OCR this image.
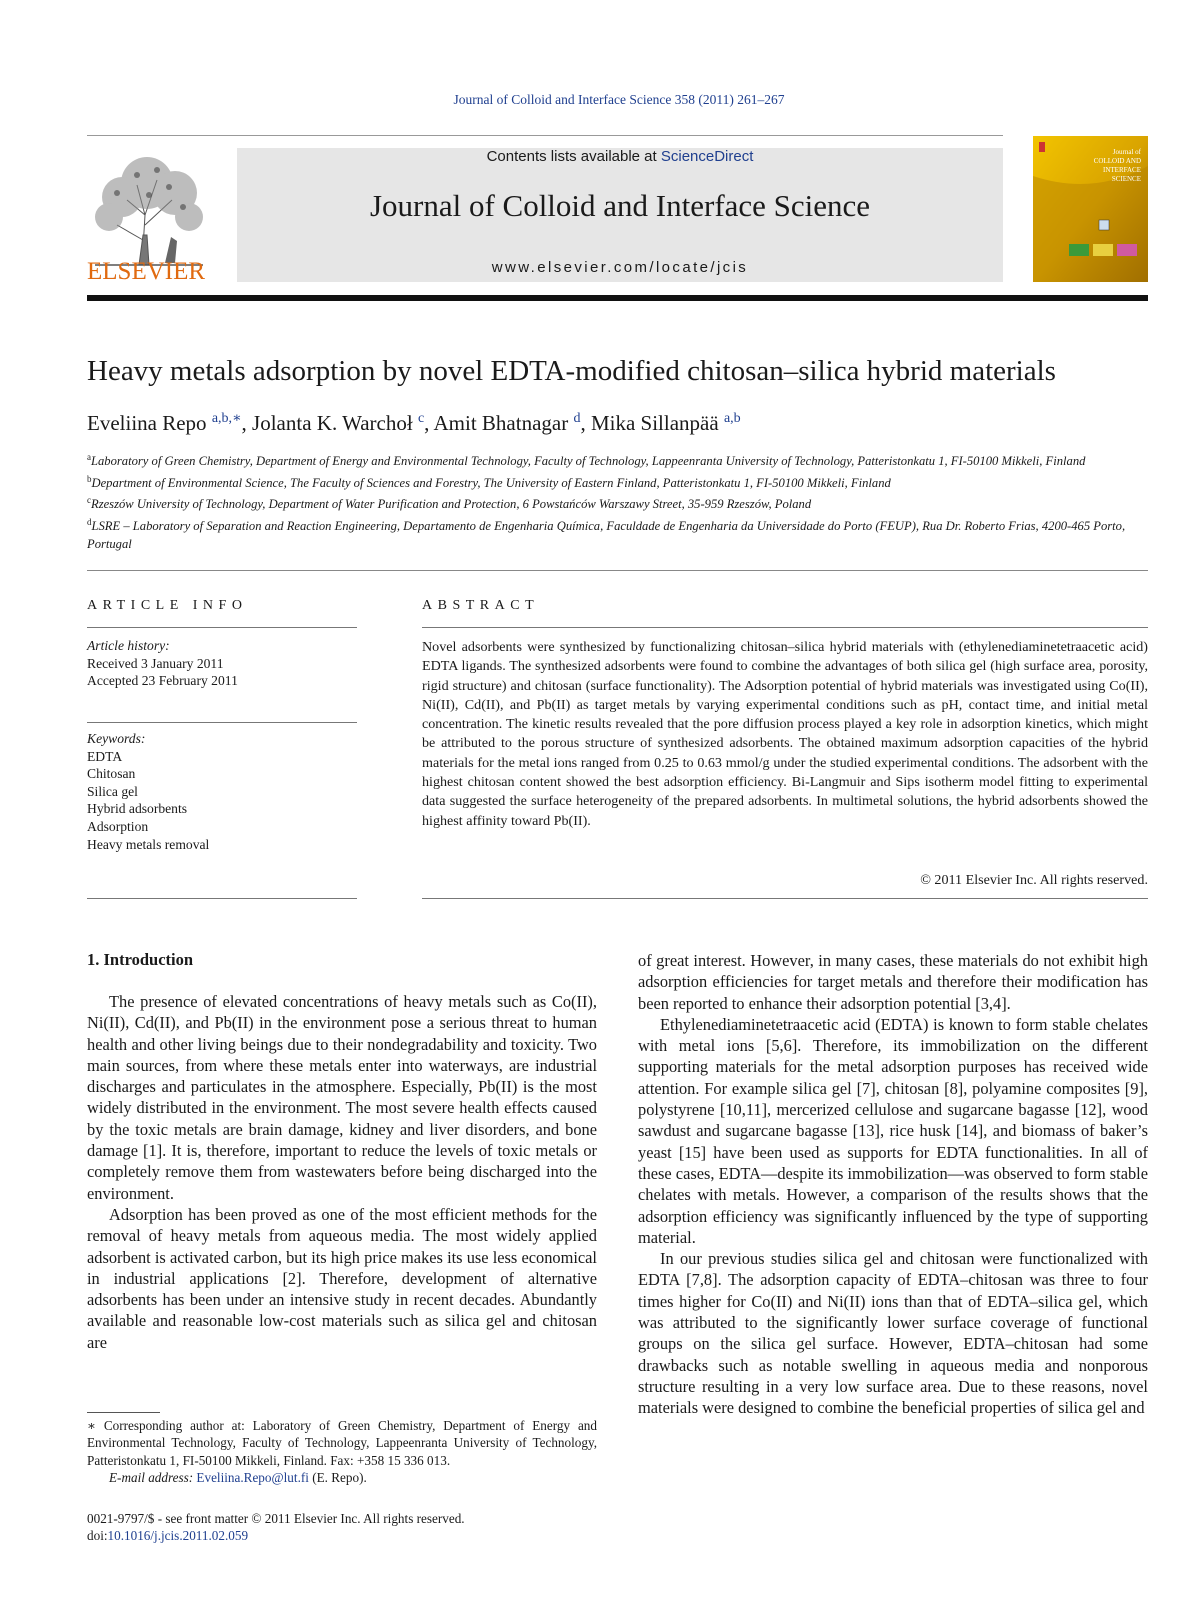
Journal of Colloid and Interface Science 358 (2011) 261–267
ELSEVIER
Contents lists available at ScienceDirect
Journal of Colloid and Interface Science
www.elsevier.com/locate/jcis
Journal of
COLLOID AND
INTERFACE
SCIENCE
Heavy metals adsorption by novel EDTA-modified chitosan–silica hybrid materials
Eveliina Repo $^{a,b,∗}$, Jolanta K. Warchoł $^c$, Amit Bhatnagar $^d$, Mika Sillanpää $^{a,b}$
$^a$Laboratory of Green Chemistry, Department of Energy and Environmental Technology, Faculty of Technology, Lappeenranta University of Technology, Patteristonkatu 1, FI-50100 Mikkeli, Finland
$^b$Department of Environmental Science, The Faculty of Sciences and Forestry, The University of Eastern Finland, Patteristonkatu 1, FI-50100 Mikkeli, Finland
$^c$Rzeszów University of Technology, Department of Water Purification and Protection, 6 Powstańców Warszawy Street, 35-959 Rzeszów, Poland
$^d$LSRE – Laboratory of Separation and Reaction Engineering, Departamento de Engenharia Química, Faculdade de Engenharia da Universidade do Porto (FEUP), Rua Dr. Roberto Frias, 4200-465 Porto, Portugal
ARTICLE INFO
Article history:
Received 3 January 2011
Accepted 23 February 2011
Keywords:
EDTA
Chitosan
Silica gel
Hybrid adsorbents
Adsorption
Heavy metals removal
ABSTRACT
Novel adsorbents were synthesized by functionalizing chitosan–silica hybrid materials with (ethylenediaminetetraacetic acid) EDTA ligands. The synthesized adsorbents were found to combine the advantages of both silica gel (high surface area, porosity, rigid structure) and chitosan (surface functionality). The Adsorption potential of hybrid materials was investigated using Co(II), Ni(II), Cd(II), and Pb(II) as target metals by varying experimental conditions such as pH, contact time, and initial metal concentration. The kinetic results revealed that the pore diffusion process played a key role in adsorption kinetics, which might be attributed to the porous structure of synthesized adsorbents. The obtained maximum adsorption capacities of the hybrid materials for the metal ions ranged from 0.25 to 0.63 mmol/g under the studied experimental conditions. The adsorbent with the highest chitosan content showed the best adsorption efficiency. Bi-Langmuir and Sips isotherm model fitting to experimental data suggested the surface heterogeneity of the prepared adsorbents. In multimetal solutions, the hybrid adsorbents showed the highest affinity toward Pb(II).
© 2011 Elsevier Inc. All rights reserved.
1. Introduction

The presence of elevated concentrations of heavy metals such as Co(II), Ni(II), Cd(II), and Pb(II) in the environment pose a serious threat to human health and other living beings due to their nondegradability and toxicity. Two main sources, from where these metals enter into waterways, are industrial discharges and particulates in the atmosphere. Especially, Pb(II) is the most widely distributed in the environment. The most severe health effects caused by the toxic metals are brain damage, kidney and liver disorders, and bone damage [1]. It is, therefore, important to reduce the levels of toxic metals or completely remove them from wastewaters before being discharged into the environment.

Adsorption has been proved as one of the most efficient methods for the removal of heavy metals from aqueous media. The most widely applied adsorbent is activated carbon, but its high price makes its use less economical in industrial applications [2]. Therefore, development of alternative adsorbents has been under an intensive study in recent decades. Abundantly available and reasonable low-cost materials such as silica gel and chitosan are

of great interest. However, in many cases, these materials do not exhibit high adsorption efficiencies for target metals and therefore their modification has been reported to enhance their adsorption potential [3,4].

Ethylenediaminetetraacetic acid (EDTA) is known to form stable chelates with metal ions [5,6]. Therefore, its immobilization on the different supporting materials for the metal adsorption purposes has received wide attention. For example silica gel [7], chitosan [8], polyamine composites [9], polystyrene [10,11], mercerized cellulose and sugarcane bagasse [12], wood sawdust and sugarcane bagasse [13], rice husk [14], and biomass of baker’s yeast [15] have been used as supports for EDTA functionalities. In all of these cases, EDTA—despite its immobilization—was observed to form stable chelates with metals. However, a comparison of the results shows that the adsorption efficiency was significantly influenced by the type of supporting material.

In our previous studies silica gel and chitosan were functionalized with EDTA [7,8]. The adsorption capacity of EDTA–chitosan was three to four times higher for Co(II) and Ni(II) ions than that of EDTA–silica gel, which was attributed to the significantly lower surface coverage of functional groups on the silica gel surface. However, EDTA–chitosan had some drawbacks such as notable swelling in aqueous media and nonporous structure resulting in a very low surface area. Due to these reasons, novel materials were designed to combine the beneficial properties of silica gel and

∗ Corresponding author at: Laboratory of Green Chemistry, Department of Energy and Environmental Technology, Faculty of Technology, Lappeenranta University of Technology, Patteristonkatu 1, FI-50100 Mikkeli, Finland. Fax: +358 15 336 013.

E-mail address: Eveliina.Repo@lut.fi (E. Repo).

0021-9797/$ - see front matter © 2011 Elsevier Inc. All rights reserved.
doi:10.1016/j.jcis.2011.02.059
